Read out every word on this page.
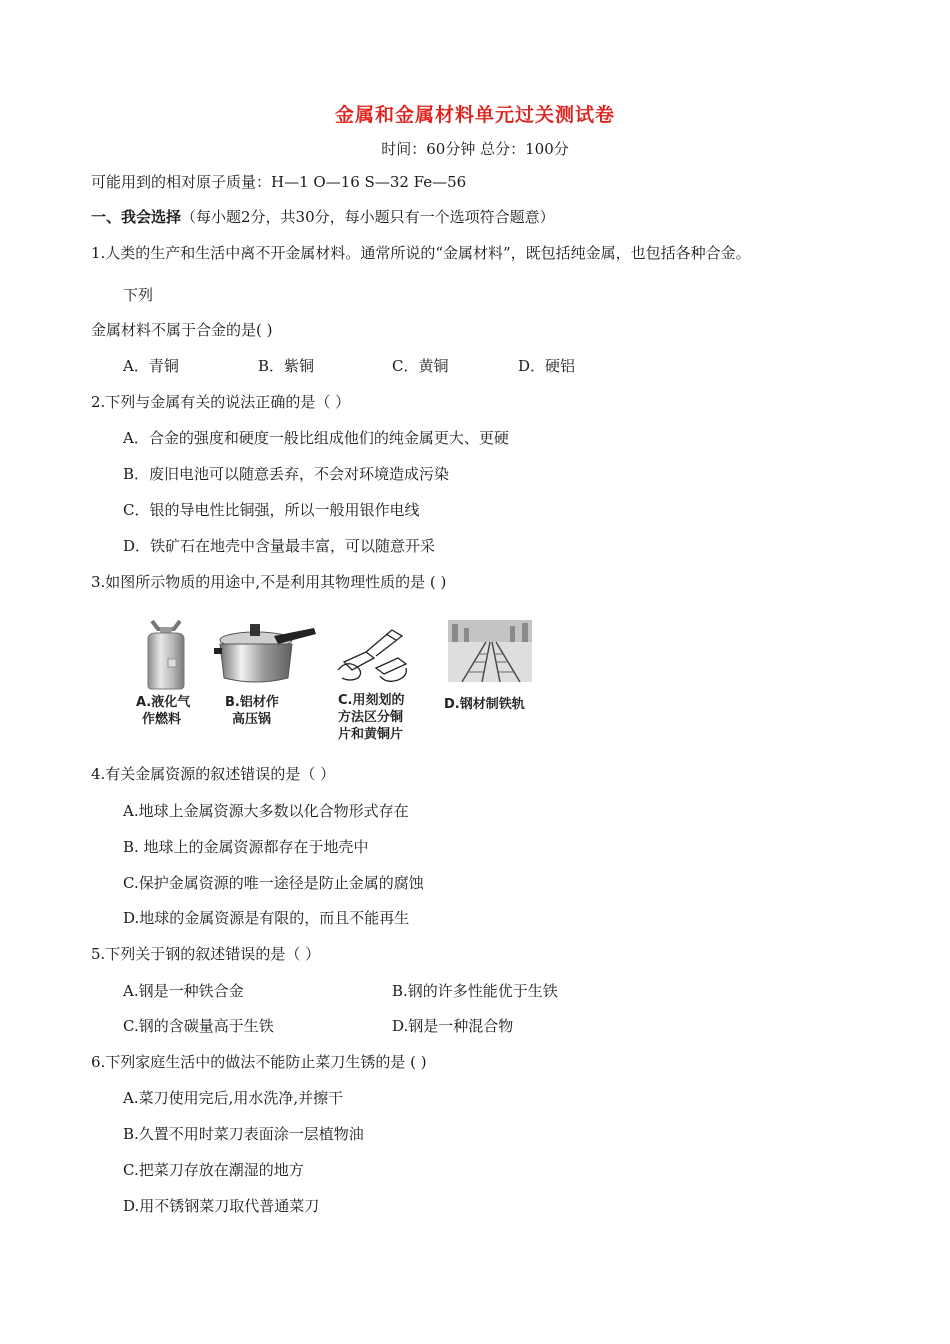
金属和金属材料单元过关测试卷
时间：60分钟 总分：100分
可能用到的相对原子质量：H—1 O—16 S—32 Fe—56
一、我会选择（每小题2分，共30分，每小题只有一个选项符合题意）
1.人类的生产和生活中离不开金属材料。通常所说的“金属材料”，既包括纯金属，也包括各种合金。
下列
金属材料不属于合金的是( )
A．青铜	B．紫铜	C．黄铜	D．硬铝
2.下列与金属有关的说法正确的是（ ）
A．合金的强度和硬度一般比组成他们的纯金属更大、更硬
B．废旧电池可以随意丢弃，不会对环境造成污染
C．银的导电性比铜强，所以一般用银作电线
D．铁矿石在地壳中含量最丰富，可以随意开采
3.如图所示物质的用途中,不是利用其物理性质的是 ( )
A.液化气
作燃料
B.铝材作
高压锅
C.用刻划的
方法区分铜
片和黄铜片
D.钢材制铁轨
4.有关金属资源的叙述错误的是（ ）
A.地球上金属资源大多数以化合物形式存在
B. 地球上的金属资源都存在于地壳中
C.保护金属资源的唯一途径是防止金属的腐蚀
D.地球的金属资源是有限的，而且不能再生
5.下列关于钢的叙述错误的是（ ）
A.钢是一种铁合金	B.钢的许多性能优于生铁
C.钢的含碳量高于生铁	D.钢是一种混合物
6.下列家庭生活中的做法不能防止菜刀生锈的是 ( )
A.菜刀使用完后,用水洗净,并擦干
B.久置不用时菜刀表面涂一层植物油
C.把菜刀存放在潮湿的地方
D.用不锈钢菜刀取代普通菜刀
